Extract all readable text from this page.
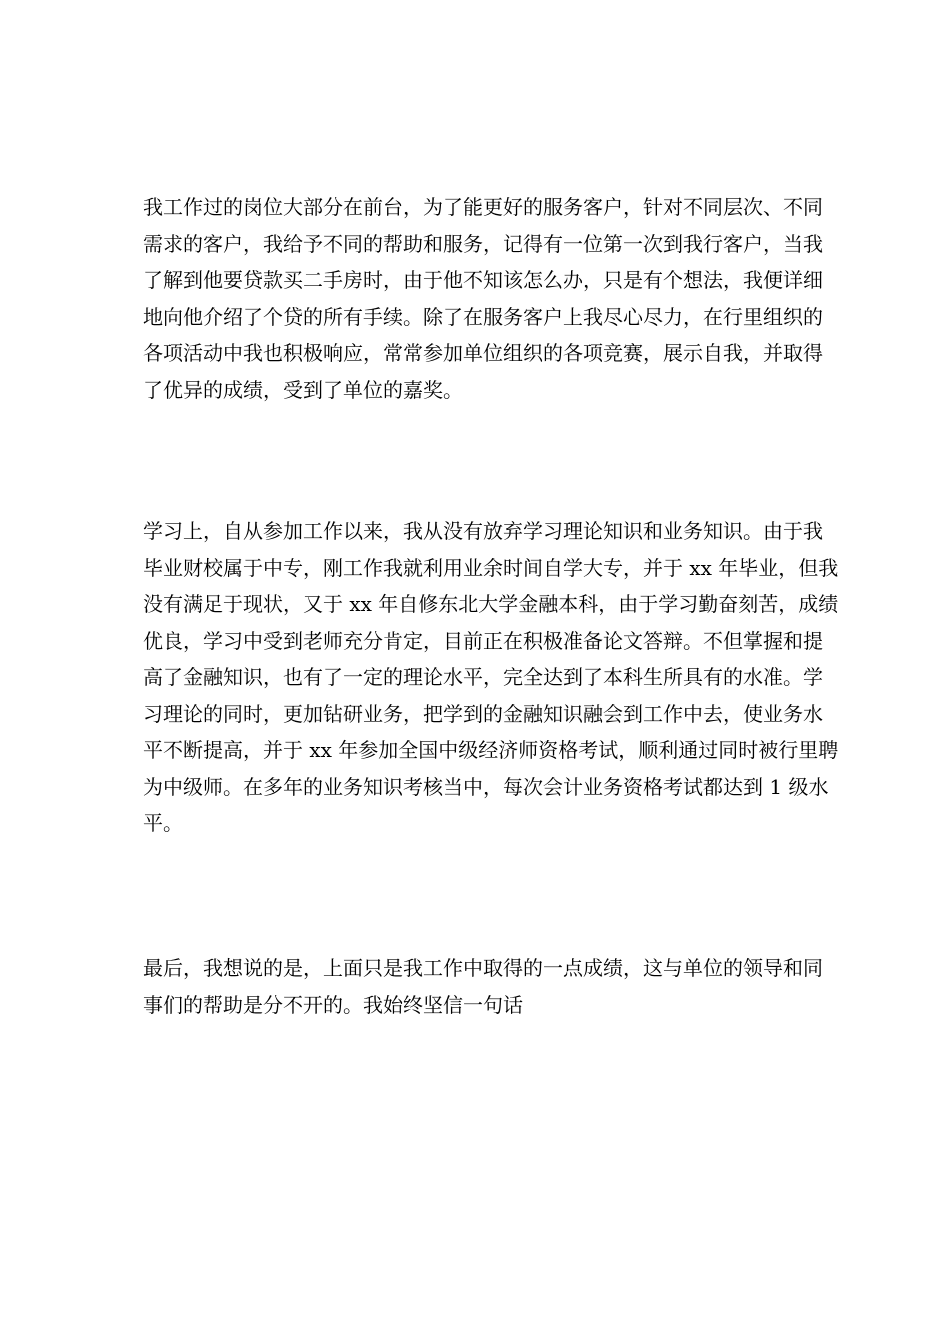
我工作过的岗位大部分在前台，为了能更好的服务客户，针对不同层次、不同
需求的客户，我给予不同的帮助和服务，记得有一位第一次到我行客户，当我
了解到他要贷款买二手房时，由于他不知该怎么办，只是有个想法，我便详细
地向他介绍了个贷的所有手续。除了在服务客户上我尽心尽力，在行里组织的
各项活动中我也积极响应，常常参加单位组织的各项竞赛，展示自我，并取得
了优异的成绩，受到了单位的嘉奖。
学习上，自从参加工作以来，我从没有放弃学习理论知识和业务知识。由于我
毕业财校属于中专，刚工作我就利用业余时间自学大专，并于 xx 年毕业，但我
没有满足于现状，又于 xx 年自修东北大学金融本科，由于学习勤奋刻苦，成绩
优良，学习中受到老师充分肯定，目前正在积极准备论文答辩。不但掌握和提
高了金融知识，也有了一定的理论水平，完全达到了本科生所具有的水准。学
习理论的同时，更加钻研业务，把学到的金融知识融会到工作中去，使业务水
平不断提高，并于 xx 年参加全国中级经济师资格考试，顺利通过同时被行里聘
为中级师。在多年的业务知识考核当中，每次会计业务资格考试都达到 1 级水
平。
最后，我想说的是，上面只是我工作中取得的一点成绩，这与单位的领导和同
事们的帮助是分不开的。我始终坚信一句话
